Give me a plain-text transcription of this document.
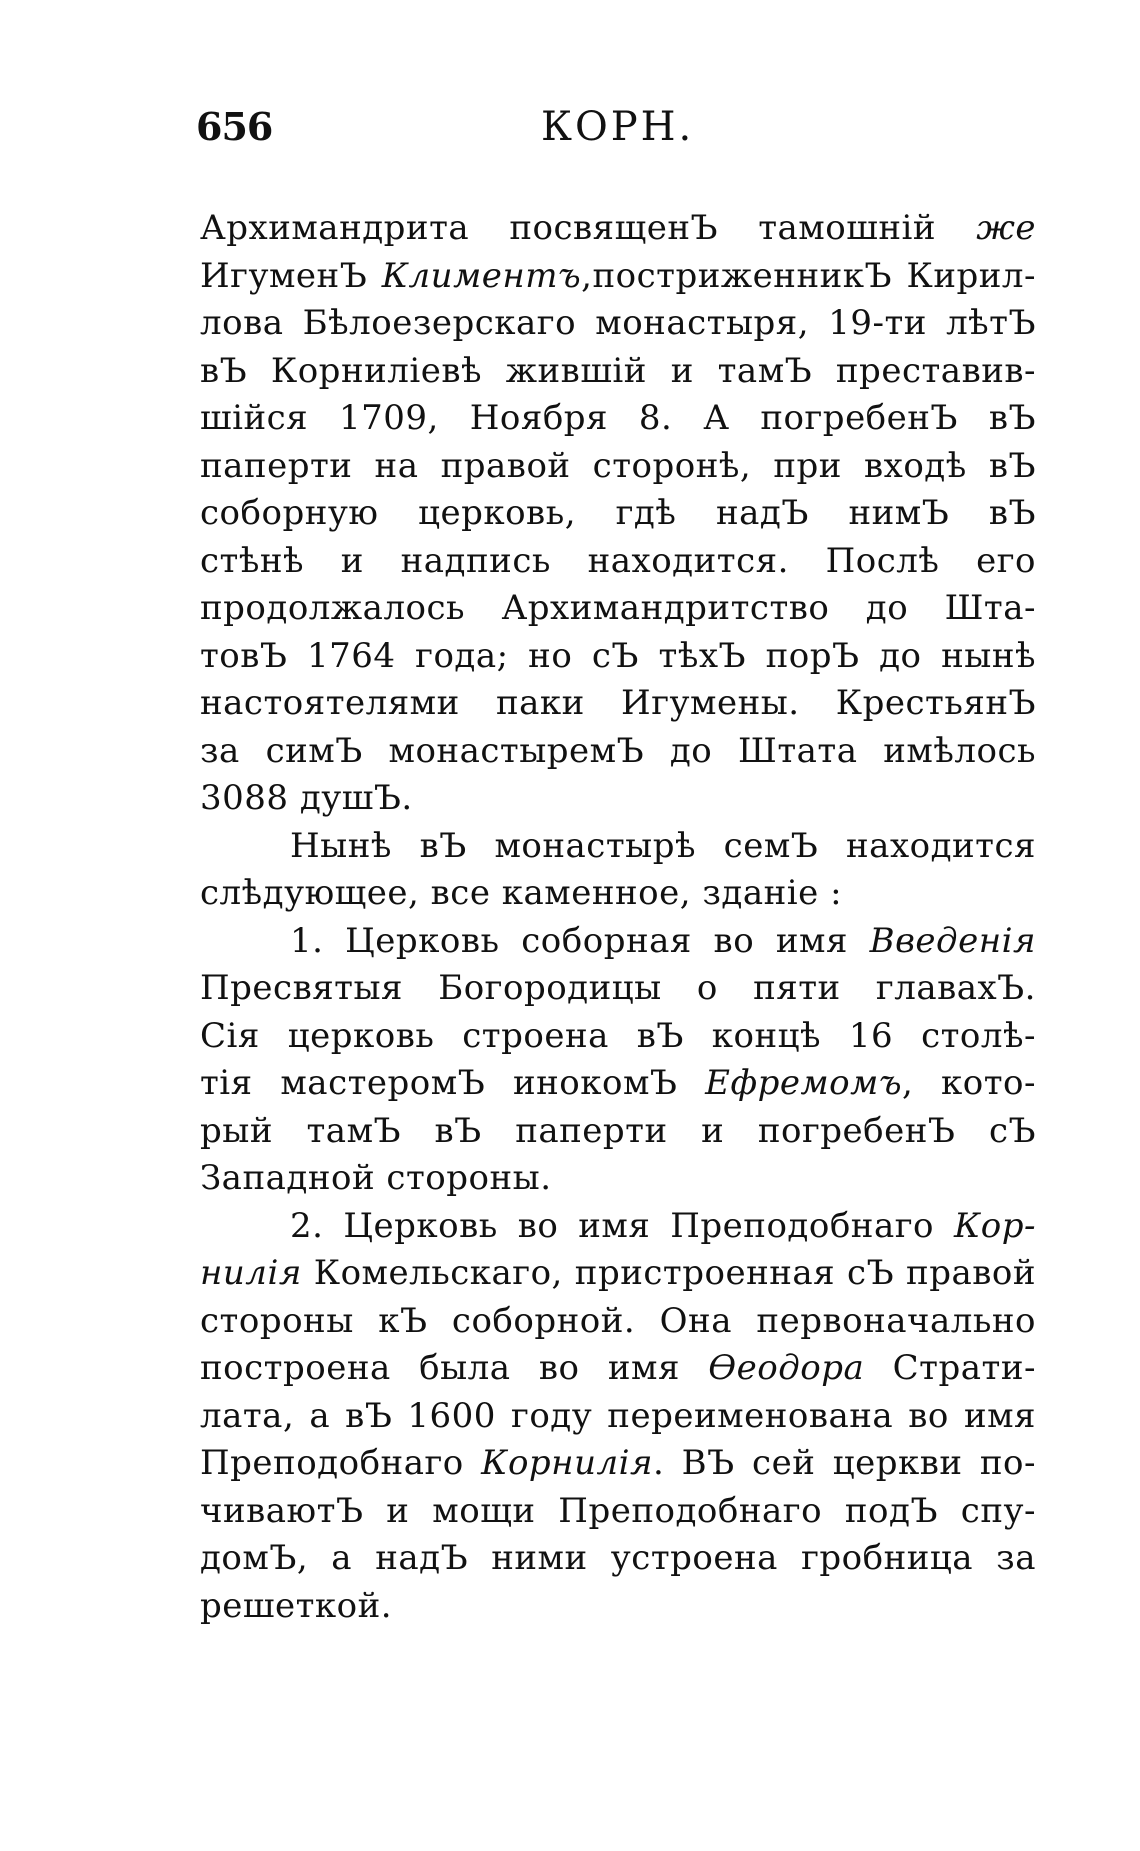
656	КОРН.
Архимандрита посвященЪ тамошній же
ИгуменЪ Климентъ,постриженникЪ Кирил-
лова Бѣлоезерскаго монастыря, 19-ти лѣтЪ
вЪ Корниліевѣ жившій и тамЪ преставив-
шійся 1709, Ноября 8. А погребенЪ вЪ
паперти на правой сторонѣ, при входѣ вЪ
соборную церковь, гдѣ надЪ нимЪ вЪ
стѣнѣ и надпись находится. Послѣ его
продолжалось Архимандритство до Шта-
товЪ 1764 года; но сЪ тѣхЪ порЪ до нынѣ
настоятелями паки Игумены. КрестьянЪ
за симЪ монастыремЪ до Штата имѣлось
3088 душЪ.
Нынѣ вЪ монастырѣ семЪ находится
слѣдующее, все каменное, зданіе :
1. Церковь соборная во имя Введенія
Пресвятыя Богородицы о пяти главахЪ.
Сія церковь строена вЪ концѣ 16 столѣ-
тія мастеромЪ инокомЪ Ефремомъ, кото-
рый тамЪ вЪ паперти и погребенЪ сЪ
Западной стороны.
2. Церковь во имя Преподобнаго Кор-
нилія Комельскаго, пристроенная сЪ правой
стороны кЪ соборной. Она первоначально
построена была во имя Ѳеодора Страти-
лата, а вЪ 1600 году переименована во имя
Преподобнаго Корнилія. ВЪ сей церкви по-
чиваютЪ и мощи Преподобнаго подЪ спу-
домЪ, а надЪ ними устроена гробница за
решеткой.
